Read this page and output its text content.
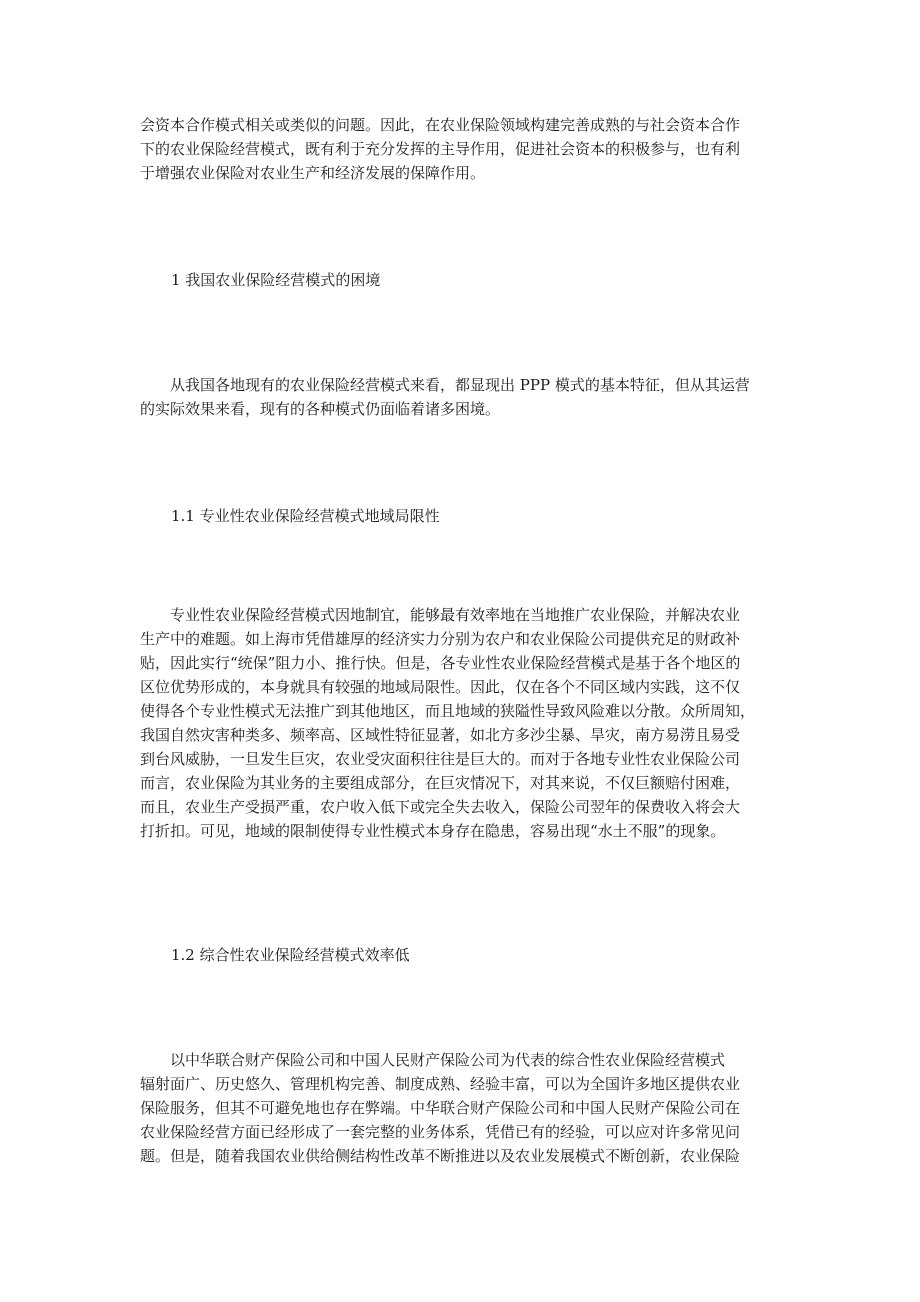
会资本合作模式相关或类似的问题。因此，在农业保险领域构建完善成熟的与社会资本合作
下的农业保险经营模式，既有利于充分发挥的主导作用，促进社会资本的积极参与，也有利
于增强农业保险对农业生产和经济发展的保障作用。
1 我国农业保险经营模式的困境
从我国各地现有的农业保险经营模式来看，都显现出 PPP 模式的基本特征，但从其运营
的实际效果来看，现有的各种模式仍面临着诸多困境。
1.1 专业性农业保险经营模式地域局限性
专业性农业保险经营模式因地制宜，能够最有效率地在当地推广农业保险，并解决农业
生产中的难题。如上海市凭借雄厚的经济实力分别为农户和农业保险公司提供充足的财政补
贴，因此实行“统保”阻力小、推行快。但是，各专业性农业保险经营模式是基于各个地区的
区位优势形成的，本身就具有较强的地域局限性。因此，仅在各个不同区域内实践，这不仅
使得各个专业性模式无法推广到其他地区，而且地域的狭隘性导致风险难以分散。众所周知，
我国自然灾害种类多、频率高、区域性特征显著，如北方多沙尘暴、旱灾，南方易涝且易受
到台风威胁，一旦发生巨灾，农业受灾面积往往是巨大的。而对于各地专业性农业保险公司
而言，农业保险为其业务的主要组成部分，在巨灾情况下，对其来说，不仅巨额赔付困难，
而且，农业生产受损严重，农户收入低下或完全失去收入，保险公司翌年的保费收入将会大
打折扣。可见，地域的限制使得专业性模式本身存在隐患，容易出现“水土不服”的现象。
1.2 综合性农业保险经营模式效率低
以中华联合财产保险公司和中国人民财产保险公司为代表的综合性农业保险经营模式
辐射面广、历史悠久、管理机构完善、制度成熟、经验丰富，可以为全国许多地区提供农业
保险服务，但其不可避免地也存在弊端。中华联合财产保险公司和中国人民财产保险公司在
农业保险经营方面已经形成了一套完整的业务体系，凭借已有的经验，可以应对许多常见问
题。但是，随着我国农业供给侧结构性改革不断推进以及农业发展模式不断创新，农业保险
